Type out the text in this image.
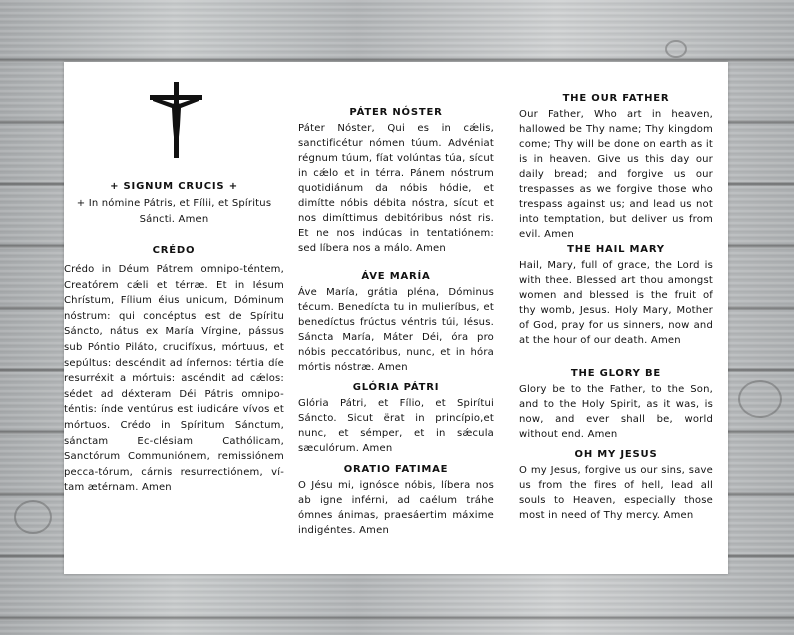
+ SIGNUM CRUCIS +

+ In nómine Pátris, et Fílii, et Spíritus Sáncti. Amen

CRÉDO

Crédo in Déum Pátrem omnipo-téntem, Creatórem cǽli et térræ. Et in Iésum Chrístum, Fílium éius unicum, Dóminum nóstrum: qui concéptus est de Spíritu Sáncto, nátus ex María Vírgine, pássus sub Póntio Piláto, crucifíxus, mórtuus, et sepúltus: descéndit ad ínfernos: tértia díe resurréxit a mórtuis: ascéndit ad cǽlos: sédet ad déxteram Déi Pátris omnipo-téntis: índe ventúrus est iudicáre vívos et mórtuos. Crédo in Spíritum Sánctum, sánctam Ec-clésiam Cathólicam, Sanctórum Communiónem, remissiónem pecca-tórum, cárnis resurrectiónem, ví-tam ætérnam. Amen

PÁTER NÓSTER

Páter Nóster, Qui es in cǽlis, sanctificétur nómen túum. Advéniat régnum túum, fíat volúntas túa, sícut in cǽlo et in térra. Pánem nóstrum quotidiánum da nóbis hódie, et dimítte nóbis débita nóstra, sícut et nos dimíttimus debitóribus nóst ris. Et ne nos indúcas in tentatiónem: sed líbera nos a málo. Amen

ÁVE MARÍA

Áve María, grátia pléna, Dóminus técum. Benedícta tu in mulieríbus, et benedíctus frúctus véntris túi, Iésus. Sáncta María, Máter Déi, óra pro nóbis peccatóribus, nunc, et in hóra mórtis nóstræ. Amen

GLÓRIA PÁTRI

Glória Pátri, et Fílio, et Spirítui Sáncto. Sicut ërat in princípio,et nunc, et sémper, et in sǽcula sæculórum. Amen

ORATIO FATIMAE

O Jésu mi, ignósce nóbis, líbera nos ab igne inférni, ad caélum tráhe ómnes ánimas, praesáertim máxime indigéntes. Amen

THE OUR FATHER

Our Father, Who art in heaven, hallowed be Thy name; Thy kingdom come; Thy will be done on earth as it is in heaven. Give us this day our daily bread; and forgive us our trespasses as we forgive those who trespass against us; and lead us not into temptation, but deliver us from evil. Amen

THE HAIL MARY

Hail, Mary, full of grace, the Lord is with thee. Blessed art thou amongst women and blessed is the fruit of thy womb, Jesus. Holy Mary, Mother of God, pray for us sinners, now and at the hour of our death. Amen

THE GLORY BE

Glory be to the Father, to the Son, and to the Holy Spirit, as it was, is now, and ever shall be, world without end. Amen

OH MY JESUS

O my Jesus, forgive us our sins, save us from the fires of hell, lead all souls to Heaven, especially those most in need of Thy mercy. Amen
